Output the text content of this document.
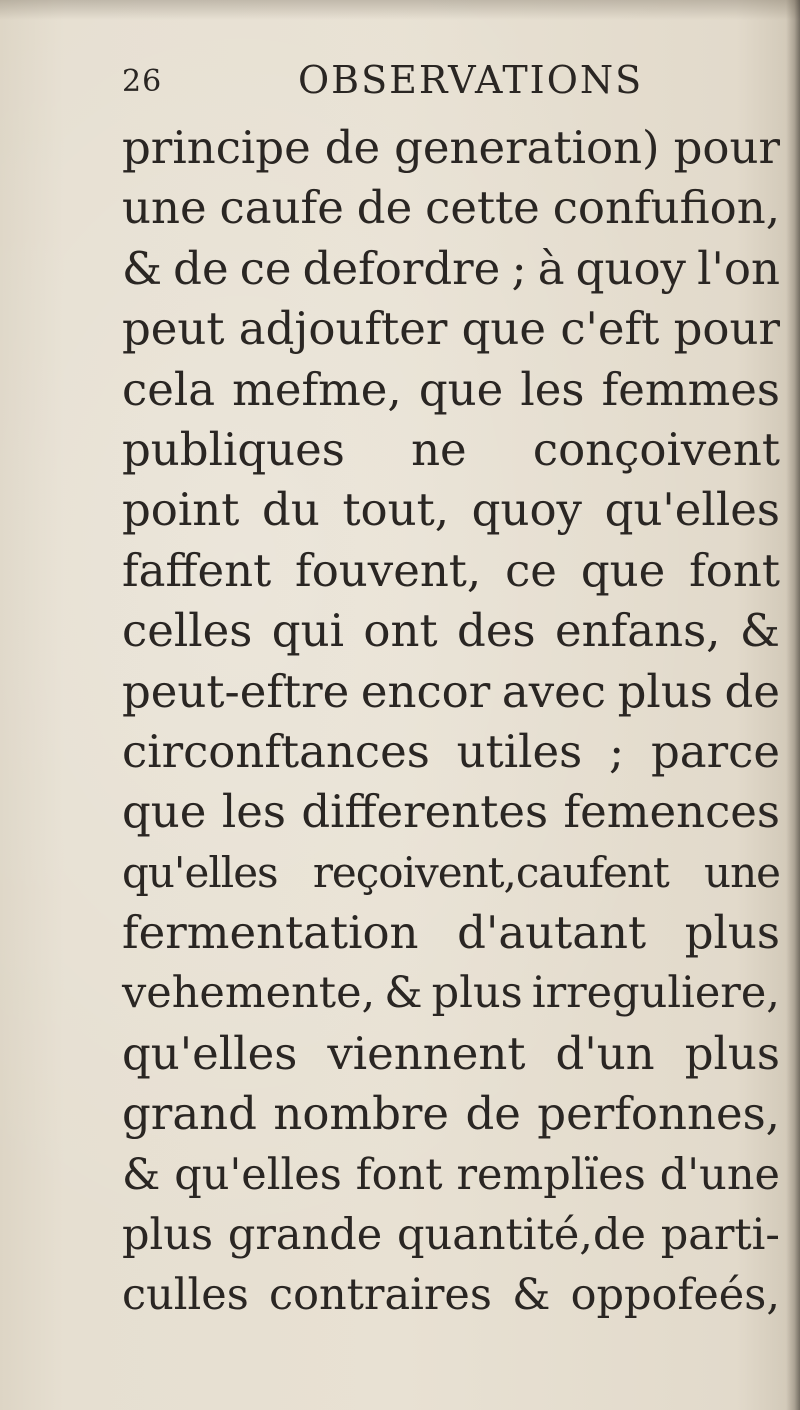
26	OBSERVATIONS
principe de generation) pour
une caufe de cette confufion,
& de ce defordre ; à quoy l'on
peut adjoufter que c'eft pour
cela mefme, que les femmes
publiques ne conçoivent
point du tout, quoy qu'elles
faffent fouvent, ce que font
celles qui ont des enfans, &
peut-eftre encor avec plus de
circonftances utiles ; parce
que les differentes femences
qu'elles reçoivent,caufent une
fermentation d'autant plus
vehemente, & plus irreguliere,
qu'elles viennent d'un plus
grand nombre de perfonnes,
& qu'elles font remplïes d'une
plus grande quantité,de parti-
culles contraires & oppofeés,
